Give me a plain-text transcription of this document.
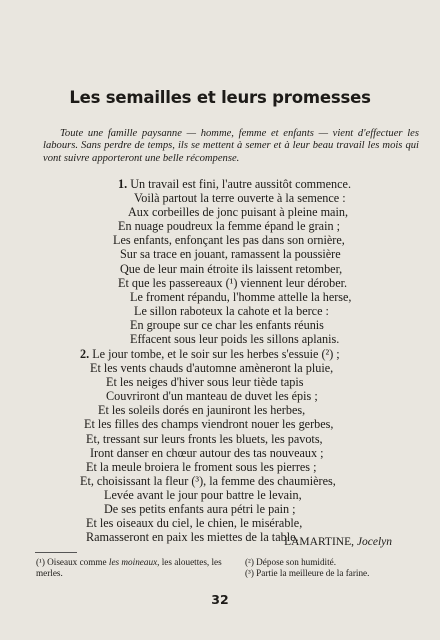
Les semailles et leurs promesses

Toute une famille paysanne — homme, femme et enfants — vient d'effectuer les labours. Sans perdre de temps, ils se mettent à semer et à leur beau travail les mois qui vont suivre apporteront une belle récompense.

1. Un travail est fini, l'autre aussitôt commence.
Voilà partout la terre ouverte à la semence :
Aux corbeilles de jonc puisant à pleine main,
En nuage poudreux la femme épand le grain ;
Les enfants, enfonçant les pas dans son ornière,
Sur sa trace en jouant, ramassent la poussière
Que de leur main étroite ils laissent retomber,
Et que les passereaux (¹) viennent leur dérober.
Le froment répandu, l'homme attelle la herse,
Le sillon raboteux la cahote et la berce :
En groupe sur ce char les enfants réunis
Effacent sous leur poids les sillons aplanis.
2. Le jour tombe, et le soir sur les herbes s'essuie (²) ;
Et les vents chauds d'automne amèneront la pluie,
Et les neiges d'hiver sous leur tiède tapis
Couvriront d'un manteau de duvet les épis ;
Et les soleils dorés en jauniront les herbes,
Et les filles des champs viendront nouer les gerbes,
Et, tressant sur leurs fronts les bluets, les pavots,
Iront danser en chœur autour des tas nouveaux ;
Et la meule broiera le froment sous les pierres ;
Et, choisissant la fleur (³), la femme des chaumières,
Levée avant le jour pour battre le levain,
De ses petits enfants aura pétri le pain ;
Et les oiseaux du ciel, le chien, le misérable,
Ramasseront en paix les miettes de la table.
LAMARTINE, Jocelyn
(¹) Oiseaux comme les moineaux, les alouettes, les merles.
(²) Dépose son humidité.
(³) Partie la meilleure de la farine.
32
